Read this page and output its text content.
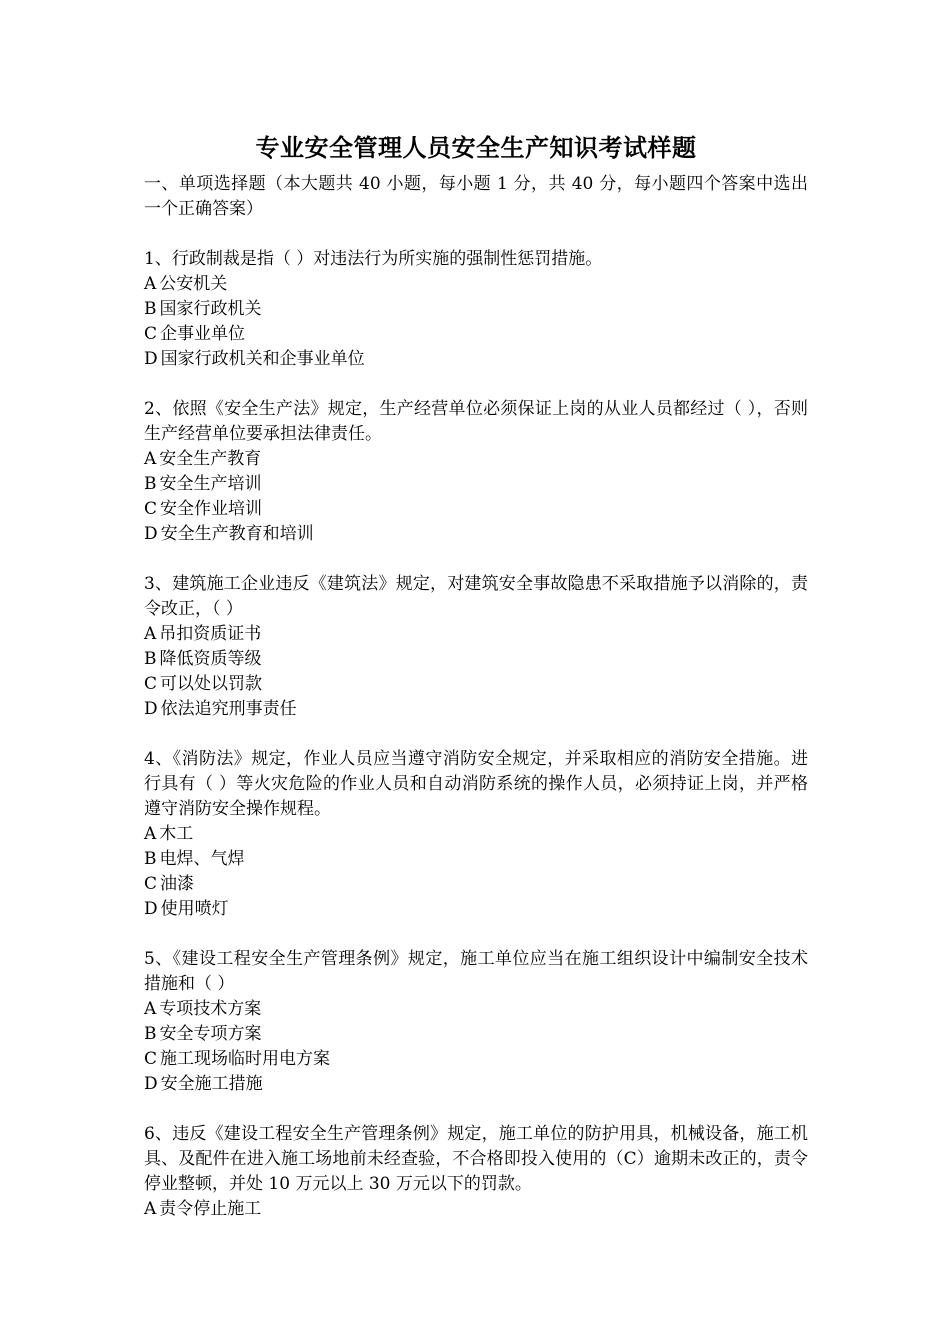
专业安全管理人员安全生产知识考试样题

一、单项选择题（本大题共 40 小题，每小题 1 分，共 40 分，每小题四个答案中选出一个正确答案）

1、行政制裁是指（ ）对违法行为所实施的强制性惩罚措施。

A 公安机关
B 国家行政机关
C 企事业单位
D 国家行政机关和企事业单位

2、依照《安全生产法》规定，生产经营单位必须保证上岗的从业人员都经过（ ），否则生产经营单位要承担法律责任。

A 安全生产教育
B 安全生产培训
C 安全作业培训
D 安全生产教育和培训

3、建筑施工企业违反《建筑法》规定，对建筑安全事故隐患不采取措施予以消除的，责令改正，（ ）

A 吊扣资质证书
B 降低资质等级
C 可以处以罚款
D 依法追究刑事责任

4、《消防法》规定，作业人员应当遵守消防安全规定，并采取相应的消防安全措施。进行具有（ ）等火灾危险的作业人员和自动消防系统的操作人员，必须持证上岗，并严格遵守消防安全操作规程。

A 木工
B 电焊、气焊
C 油漆
D 使用喷灯

5、《建设工程安全生产管理条例》规定，施工单位应当在施工组织设计中编制安全技术措施和（ ）

A 专项技术方案
B 安全专项方案
C 施工现场临时用电方案
D 安全施工措施

6、违反《建设工程安全生产管理条例》规定，施工单位的防护用具，机械设备，施工机具、及配件在进入施工场地前未经查验，不合格即投入使用的（C）逾期未改正的，责令停业整顿，并处 10 万元以上 30 万元以下的罚款。

A 责令停止施工
